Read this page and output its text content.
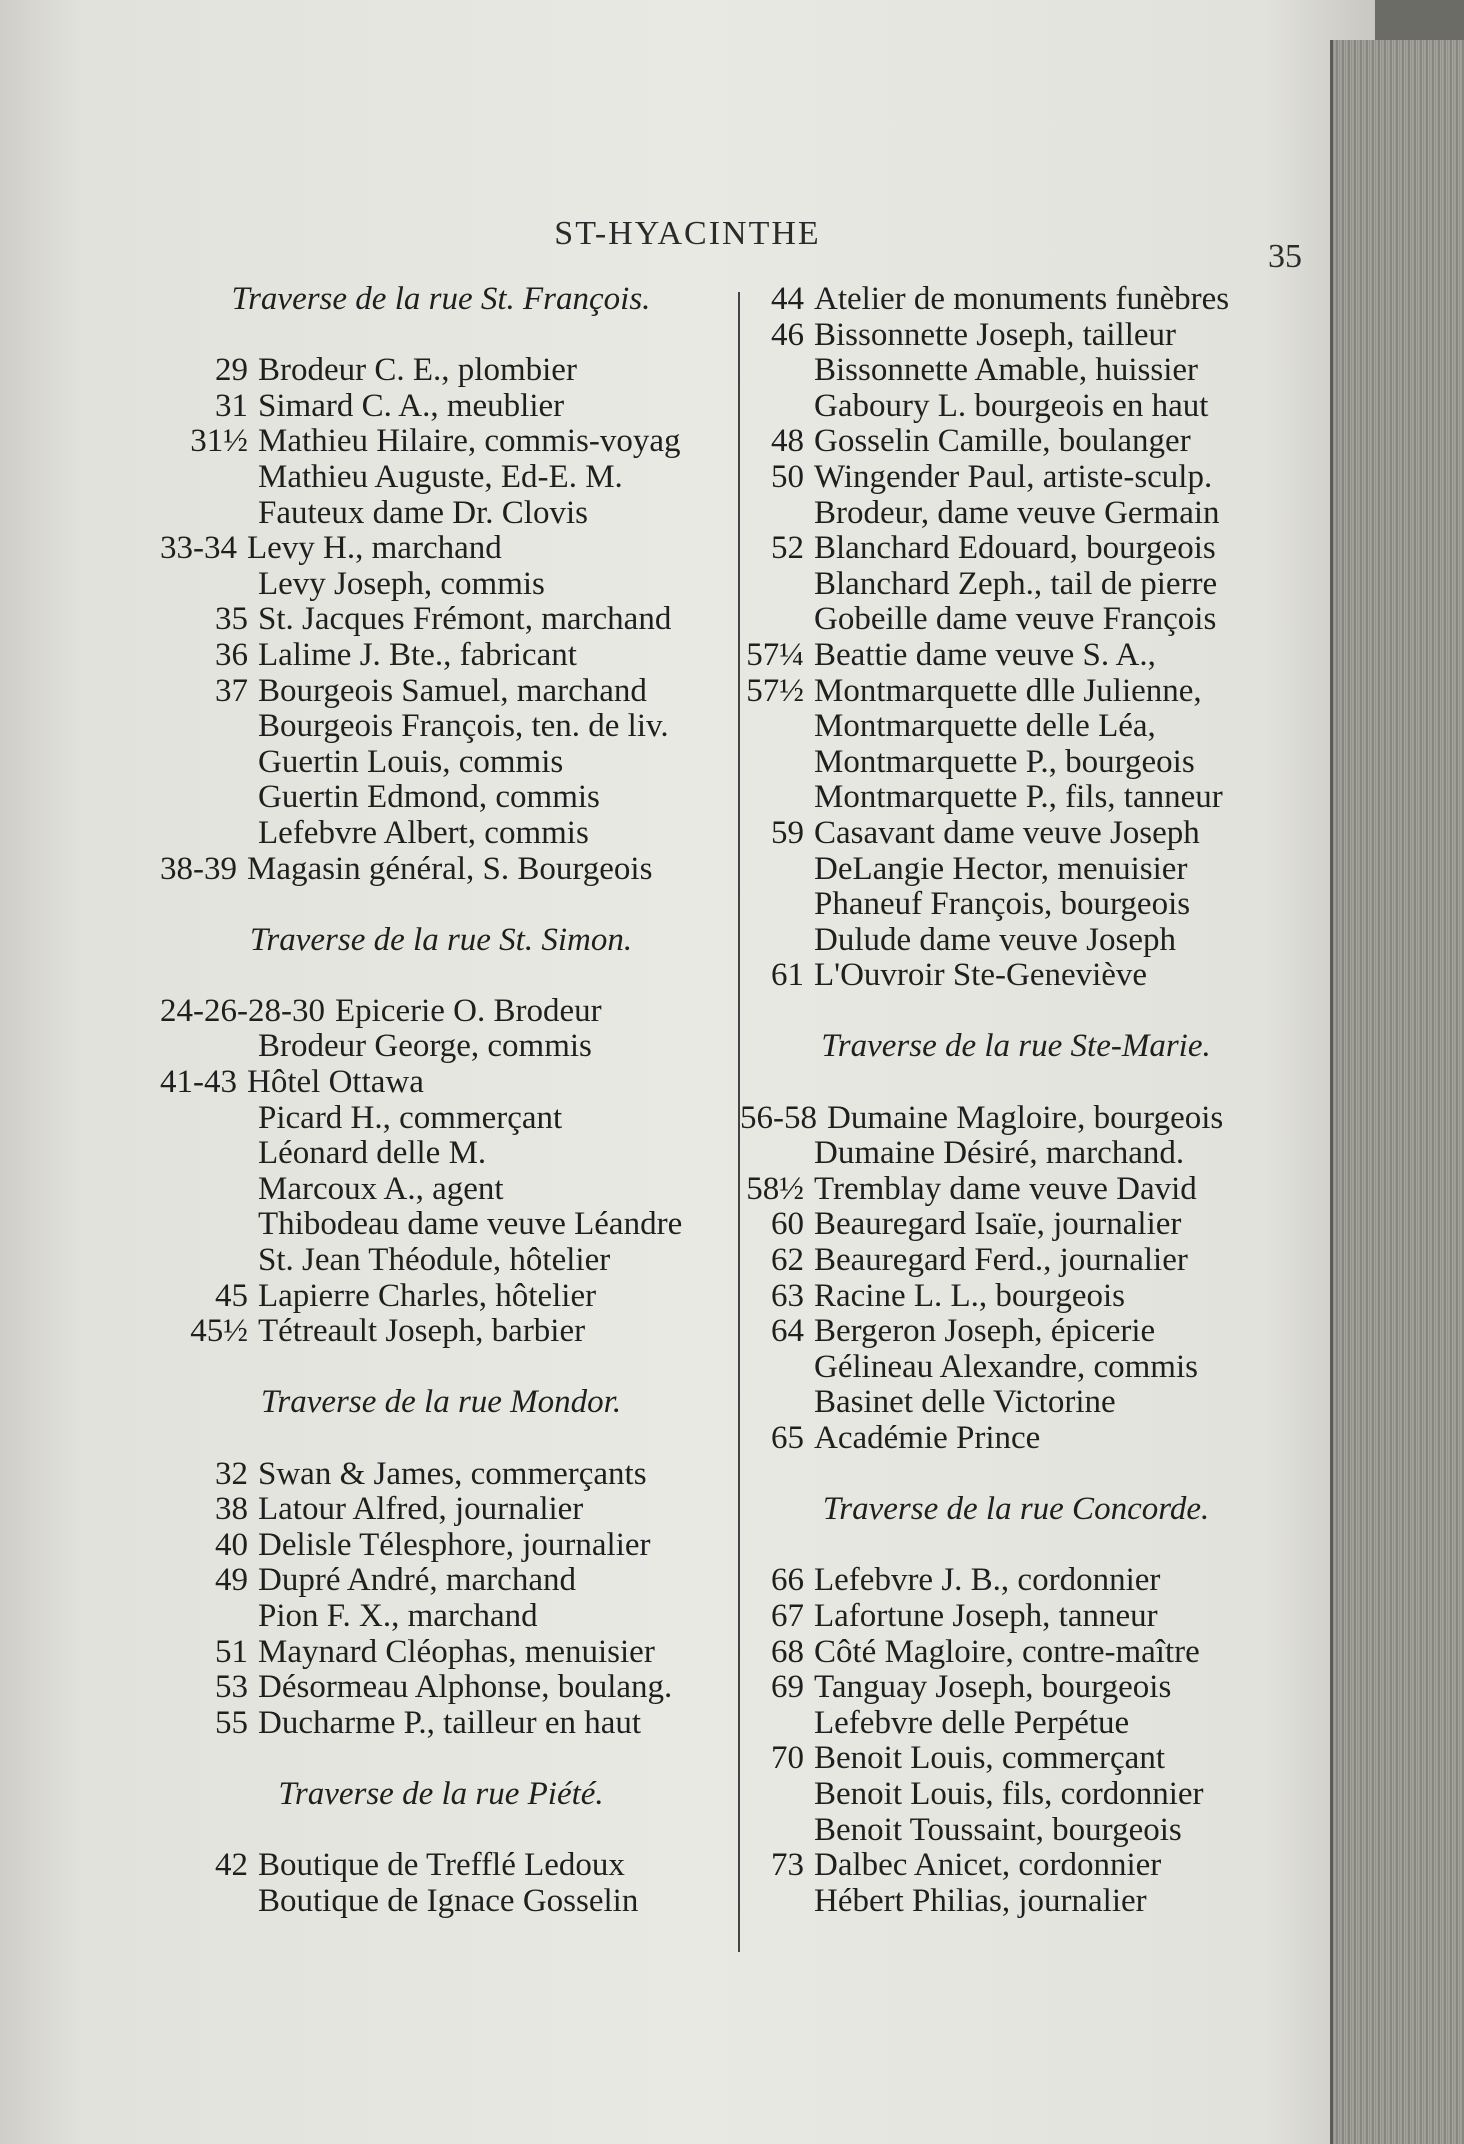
ST-HYACINTHE
35
Traverse de la rue St. François.
29 Brodeur C. E., plombier
31 Simard C. A., meublier
31½ Mathieu Hilaire, commis-voyag
Mathieu Auguste, Ed-E. M.
Fauteux dame Dr. Clovis
33-34 Levy H., marchand
Levy Joseph, commis
35 St. Jacques Frémont, marchand
36 Lalime J. Bte., fabricant
37 Bourgeois Samuel, marchand
Bourgeois François, ten. de liv.
Guertin Louis, commis
Guertin Edmond, commis
Lefebvre Albert, commis
38-39 Magasin général, S. Bourgeois
Traverse de la rue St. Simon.
24-26-28-30 Epicerie O. Brodeur
Brodeur George, commis
41-43 Hôtel Ottawa
Picard H., commerçant
Léonard delle M.
Marcoux A., agent
Thibodeau dame veuve Léandre
St. Jean Théodule, hôtelier
45 Lapierre Charles, hôtelier
45½ Tétreault Joseph, barbier
Traverse de la rue Mondor.
32 Swan & James, commerçants
38 Latour Alfred, journalier
40 Delisle Télesphore, journalier
49 Dupré André, marchand
Pion F. X., marchand
51 Maynard Cléophas, menuisier
53 Désormeau Alphonse, boulang.
55 Ducharme P., tailleur en haut
Traverse de la rue Piété.
42 Boutique de Trefflé Ledoux
Boutique de Ignace Gosselin
44 Atelier de monuments funèbres
46 Bissonnette Joseph, tailleur
Bissonnette Amable, huissier
Gaboury L. bourgeois en haut
48 Gosselin Camille, boulanger
50 Wingender Paul, artiste-sculp.
Brodeur, dame veuve Germain
52 Blanchard Edouard, bourgeois
Blanchard Zeph., tail de pierre
Gobeille dame veuve François
57¼ Beattie dame veuve S. A.,
57½ Montmarquette dlle Julienne,
Montmarquette delle Léa,
Montmarquette P., bourgeois
Montmarquette P., fils, tanneur
59 Casavant dame veuve Joseph
DeLangie Hector, menuisier
Phaneuf François, bourgeois
Dulude dame veuve Joseph
61 L'Ouvroir Ste-Geneviève
Traverse de la rue Ste-Marie.
56-58 Dumaine Magloire, bourgeois
Dumaine Désiré, marchand.
58½ Tremblay dame veuve David
60 Beauregard Isaïe, journalier
62 Beauregard Ferd., journalier
63 Racine L. L., bourgeois
64 Bergeron Joseph, épicerie
Gélineau Alexandre, commis
Basinet delle Victorine
65 Académie Prince
Traverse de la rue Concorde.
66 Lefebvre J. B., cordonnier
67 Lafortune Joseph, tanneur
68 Côté Magloire, contre-maître
69 Tanguay Joseph, bourgeois
Lefebvre delle Perpétue
70 Benoit Louis, commerçant
Benoit Louis, fils, cordonnier
Benoit Toussaint, bourgeois
73 Dalbec Anicet, cordonnier
Hébert Philias, journalier
